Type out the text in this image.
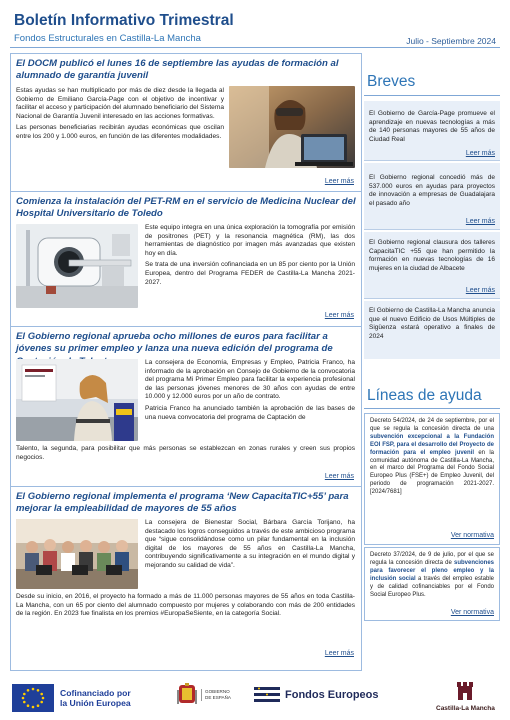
Boletín Informativo Trimestral
Fondos Estructurales en Castilla-La Mancha	Julio - Septiembre 2024
El DOCM publicó el lunes 16 de septiembre las ayudas de formación al alumnado de garantía juvenil

Estas ayudas se han multiplicado por más de diez desde la llegada al Gobierno de Emiliano García-Page con el objetivo de incentivar y facilitar el acceso y participación del alumnado beneficiario del Sistema Nacional de Garantía Juvenil interesado en las acciones formativas.

Las personas beneficiarias recibirán ayudas económicas que oscilan entre los 200 y 1.000 euros, en función de las diferentes modalidades.

Leer más
Comienza la instalación del PET-RM en el servicio de Medicina Nuclear del Hospital Universitario de Toledo

Este equipo integra en una única exploración la tomografía por emisión de positrones (PET) y la resonancia magnética (RM), las dos herramientas de diagnóstico por imagen más avanzadas que existen hoy en día.

Se trata de una inversión cofinanciada en un 85 por ciento por la Unión Europea, dentro del Programa FEDER de Castilla-La Mancha 2021-2027.

Leer más
El Gobierno regional aprueba ocho millones de euros para facilitar a jóvenes su primer empleo y lanza una nueva edición del programa de

La consejera de Economía, Empresas y Empleo, Patricia Franco, ha informado de la aprobación en Consejo de Gobierno de la convocatoria del programa Mi Primer Empleo para facilitar la experiencia profesional de las personas jóvenes menores de 30 años con ayudas de entre 10.000 y 12.000 euros por un año de contrato.

Patricia Franco ha anunciado también la aprobación de las bases de una nueva convocatoria del programa de Captación de

Talento, la segunda, para posibilitar que más personas se establezcan en zonas rurales y creen sus propios negocios.

Leer más
El Gobierno regional implementa el programa ‘New CapacitaTIC+55’ para mejorar la empleabilidad de mayores de 55 años

La consejera de Bienestar Social, Bárbara García Torijano, ha destacado los logros conseguidos a través de este ambicioso programa que “sigue consolidándose como un pilar fundamental en la inclusión digital de los mayores de 55 años en Castilla-La Mancha, contribuyendo significativamente a su integración en el mundo digital y mejorando su calidad de vida”.

Desde su inicio, en 2016, el proyecto ha formado a más de 11.000 personas mayores de 55 años en toda Castilla-La Mancha, con un 65 por ciento del alumnado compuesto por mujeres y colaborando con más de 200 entidades de la región. En 2023 fue finalista en los premios #EuropaSeSiente, en la categoría Social.

Leer más
Breves
El Gobierno de García-Page promueve el aprendizaje en nuevas tecnologías a más de 140 personas mayores de 55 años de Ciudad Real
Leer más
El Gobierno regional concedió más de 537.000 euros en ayudas para proyectos de innovación a empresas de Guadalajara el pasado año
Leer más
El Gobierno regional clausura dos talleres CapacitaTIC +55 que han permitido la formación en nuevas tecnologías de 16 mujeres en la ciudad de Albacete
Leer más
El Gobierno de Castilla-La Mancha anuncia que el nuevo Edificio de Usos Múltiples de Sigüenza estará operativo a finales de 2024
Líneas de ayuda
Decreto 54/2024, de 24 de septiembre, por el que se regula la concesión directa de una subvención excepcional a la Fundación EOI FSP, para el desarrollo del Proyecto de formación para el empleo juvenil en la comunidad autónoma de Castilla-La Mancha, en el marco del Programa del Fondo Social Europeo Plus (FSE+) de Empleo Juvenil, del periodo de programación 2021-2027. [2024/7681]
Ver normativa
Decreto 37/2024, de 9 de julio, por el que se regula la concesión directa de subvenciones para favorecer el pleno empleo y la inclusión social a través del empleo estable y de calidad cofinanciables por el Fondo Social Europeo Plus.
Ver normativa
Cofinanciado por
la Unión Europea
GOBIERNO
DE ESPAÑA	Fondos Europeos
Castilla-La Mancha
